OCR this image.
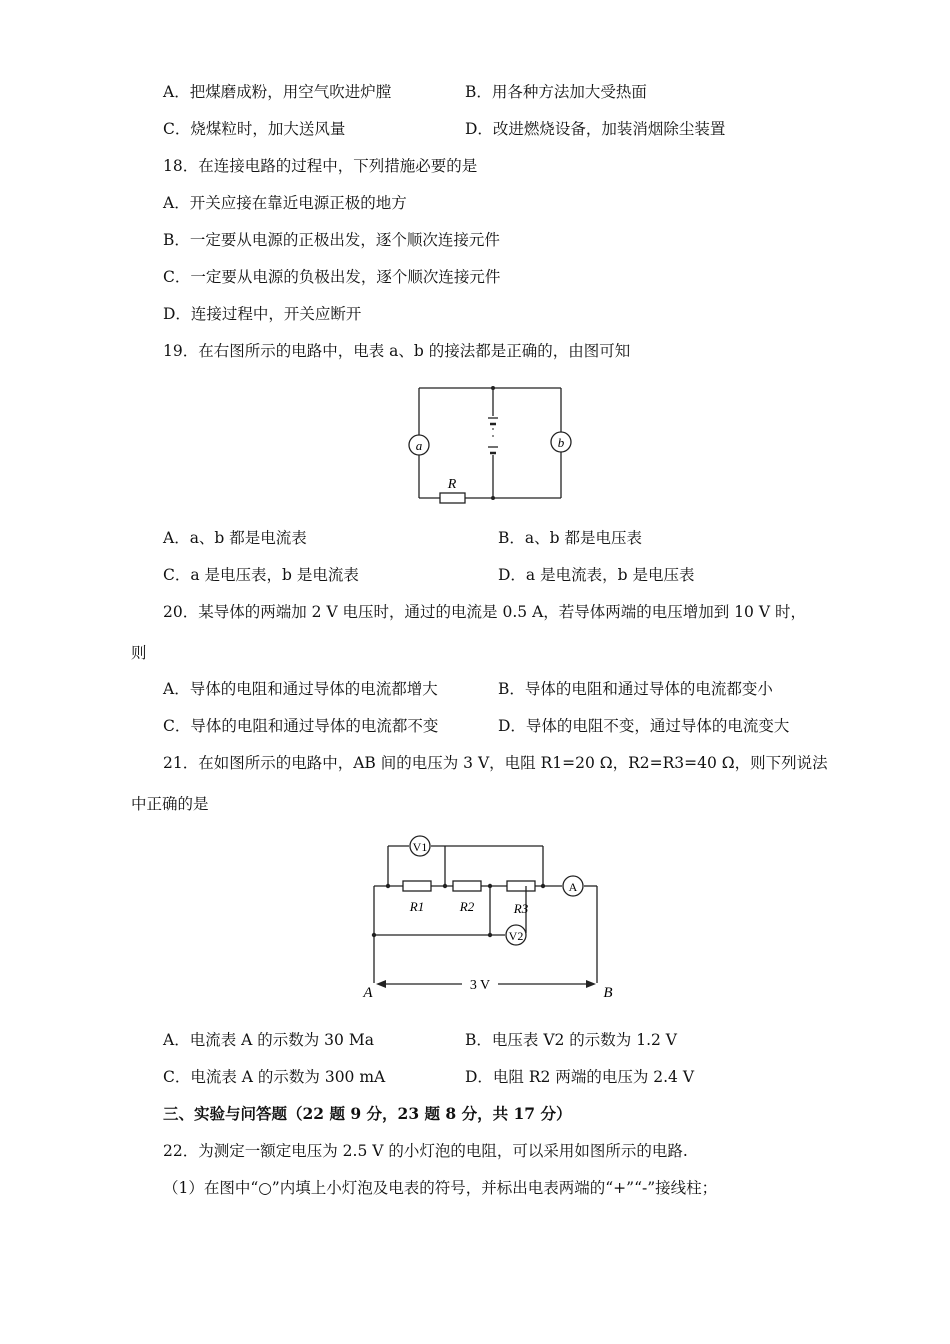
A．把煤磨成粉，用空气吹进炉膛	B．用各种方法加大受热面
C．烧煤粒时，加大送风量	D．改进燃烧设备，加装消烟除尘装置
18．在连接电路的过程中，下列措施必要的是
A．开关应接在靠近电源正极的地方
B．一定要从电源的正极出发，逐个顺次连接元件
C．一定要从电源的负极出发，逐个顺次连接元件
D．连接过程中，开关应断开
19．在右图所示的电路中，电表 a、b 的接法都是正确的，由图可知
a	b
R
A．a、b 都是电流表	B．a、b 都是电压表
C．a 是电压表，b 是电流表	D．a 是电流表，b 是电压表
20．某导体的两端加 2 V 电压时，通过的电流是 0.5 A，若导体两端的电压增加到 10 V 时，
则
A．导体的电阻和通过导体的电流都增大	B．导体的电阻和通过导体的电流都变小
C．导体的电阻和通过导体的电流都不变	D．导体的电阻不变，通过导体的电流变大
21．在如图所示的电路中，AB 间的电压为 3 V，电阻 R1=20 Ω，R2=R3=40 Ω，则下列说法
中正确的是
V1
V2
A
R1	R2	R3
3 V
A	B
A．电流表 A 的示数为 30 Ma	B．电压表 V2 的示数为 1.2 V
C．电流表 A 的示数为 300 mA	D．电阻 R2 两端的电压为 2.4 V
三、实验与问答题（22 题 9 分，23 题 8 分，共 17 分）
22．为测定一额定电压为 2.5 V 的小灯泡的电阻，可以采用如图所示的电路.
（1）在图中“○”内填上小灯泡及电表的符号，并标出电表两端的“+”“-”接线柱；
